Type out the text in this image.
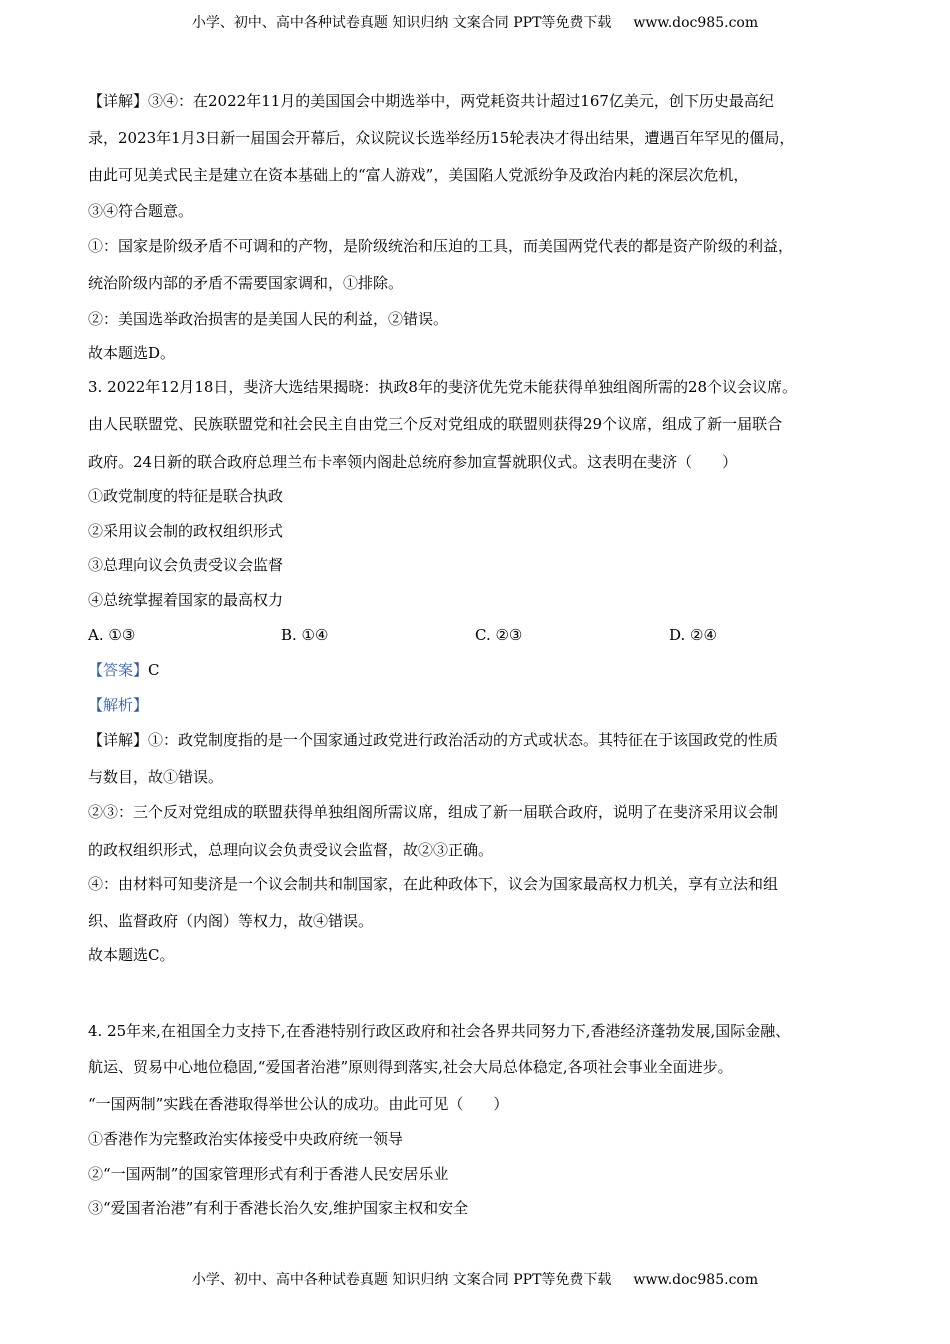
小学、初中、高中各种试卷真题 知识归纳 文案合同 PPT等免费下载 www.doc985.com
【详解】③④：在2022年11月的美国国会中期选举中，两党耗资共计超过167亿美元，创下历史最高纪
录，2023年1月3日新一届国会开幕后，众议院议长选举经历15轮表决才得出结果，遭遇百年罕见的僵局，
由此可见美式民主是建立在资本基础上的“富人游戏”，美国陷人党派纷争及政治内耗的深层次危机，
③④符合题意。
①：国家是阶级矛盾不可调和的产物，是阶级统治和压迫的工具，而美国两党代表的都是资产阶级的利益，
统治阶级内部的矛盾不需要国家调和，①排除。
②：美国选举政治损害的是美国人民的利益，②错误。
故本题选D。
3. 2022年12月18日，斐济大选结果揭晓：执政8年的斐济优先党未能获得单独组阁所需的28个议会议席。
由人民联盟党、民族联盟党和社会民主自由党三个反对党组成的联盟则获得29个议席，组成了新一届联合
政府。24日新的联合政府总理兰布卡率领内阁赴总统府参加宣誓就职仪式。这表明在斐济（　　）
①政党制度的特征是联合执政
②采用议会制的政权组织形式
③总理向议会负责受议会监督
④总统掌握着国家的最高权力
A. ①③	B. ①④	C. ②③	D. ②④
【答案】C
【解析】
【详解】①：政党制度指的是一个国家通过政党进行政治活动的方式或状态。其特征在于该国政党的性质
与数目，故①错误。
②③：三个反对党组成的联盟获得单独组阁所需议席，组成了新一届联合政府，说明了在斐济采用议会制
的政权组织形式，总理向议会负责受议会监督，故②③正确。
④：由材料可知斐济是一个议会制共和制国家，在此种政体下，议会为国家最高权力机关，享有立法和组
织、监督政府（内阁）等权力，故④错误。
故本题选C。
4. 25年来,在祖国全力支持下,在香港特别行政区政府和社会各界共同努力下,香港经济蓬勃发展,国际金融、
航运、贸易中心地位稳固,“爱国者治港”原则得到落实,社会大局总体稳定,各项社会事业全面进步。
“一国两制”实践在香港取得举世公认的成功。由此可见（　　）
①香港作为完整政治实体接受中央政府统一领导
②“一国两制”的国家管理形式有利于香港人民安居乐业
③“爱国者治港”有利于香港长治久安,维护国家主权和安全
小学、初中、高中各种试卷真题 知识归纳 文案合同 PPT等免费下载 www.doc985.com
